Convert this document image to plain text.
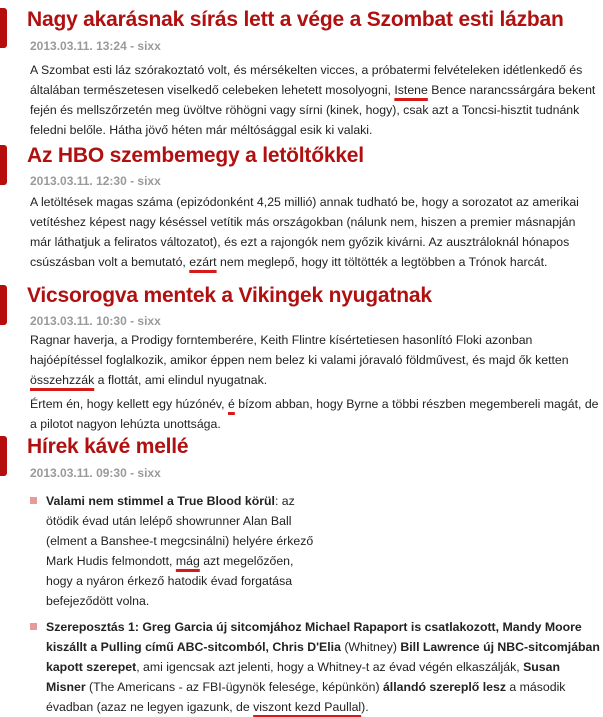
Nagy akarásnak sírás lett a vége a Szombat esti lázban
2013.03.11. 13:24 - sixx

A Szombat esti láz szórakoztató volt, és mérsékelten vicces, a próbatermi felvételeken idétlenkedő és általában természetesen viselkedő celebeken lehetett mosolyogni, Istene Bence narancssárgára bekent fején és mellszőrzetén meg üvöltve röhögni vagy sírni (kinek, hogy), csak azt a Toncsi-hisztit tudnánk feledni belőle. Hátha jövő héten már méltósággal esik ki valaki.

Az HBO szembemegy a letöltőkkel
2013.03.11. 12:30 - sixx

A letöltések magas száma (epizódonként 4,25 millió) annak tudható be, hogy a sorozatot az amerikai vetítéshez képest nagy késéssel vetítik más országokban (nálunk nem, hiszen a premier másnapján már láthatjuk a feliratos változatot), és ezt a rajongók nem győzik kivárni. Az ausztráloknál hónapos csúszásban volt a bemutató, ezárt nem meglepő, hogy itt töltötték a legtöbben a Trónok harcát.

Vicsorogva mentek a Vikingek nyugatnak
2013.03.11. 10:30 - sixx

Ragnar haverja, a Prodigy forntemberére, Keith Flintre kísértetiesen hasonlító Floki azonban hajóépítéssel foglalkozik, amikor éppen nem belez ki valami jóravaló földművest, és majd ők ketten összehzzák a flottát, ami elindul nyugatnak.

Értem én, hogy kellett egy húzónév, é bízom abban, hogy Byrne a többi részben megembereli magát, de a pilotot nagyon lehúzta unottsága.

Hírek kávé mellé
2013.03.11. 09:30 - sixx
Valami nem stimmel a True Blood körül: az ötödik évad után lelépő showrunner Alan Ball (elment a Banshee-t megcsinálni) helyére érkező Mark Hudis felmondott, mág azt megelőzően, hogy a nyáron érkező hatodik évad forgatása befejeződött volna.
Szereposztás 1: Greg Garcia új sitcomjához Michael Rapaport is csatlakozott, Mandy Moore kiszállt a Pulling című ABC-sitcomból, Chris D'Elia (Whitney) Bill Lawrence új NBC-sitcomjában kapott szerepet, ami igencsak azt jelenti, hogy a Whitney-t az évad végén elkaszálják, Susan Misner (The Americans - az FBI-ügynök felesége, képünkön) állandó szereplő lesz a második évadban (azaz ne legyen igazunk, de viszont kezd Paullal).
